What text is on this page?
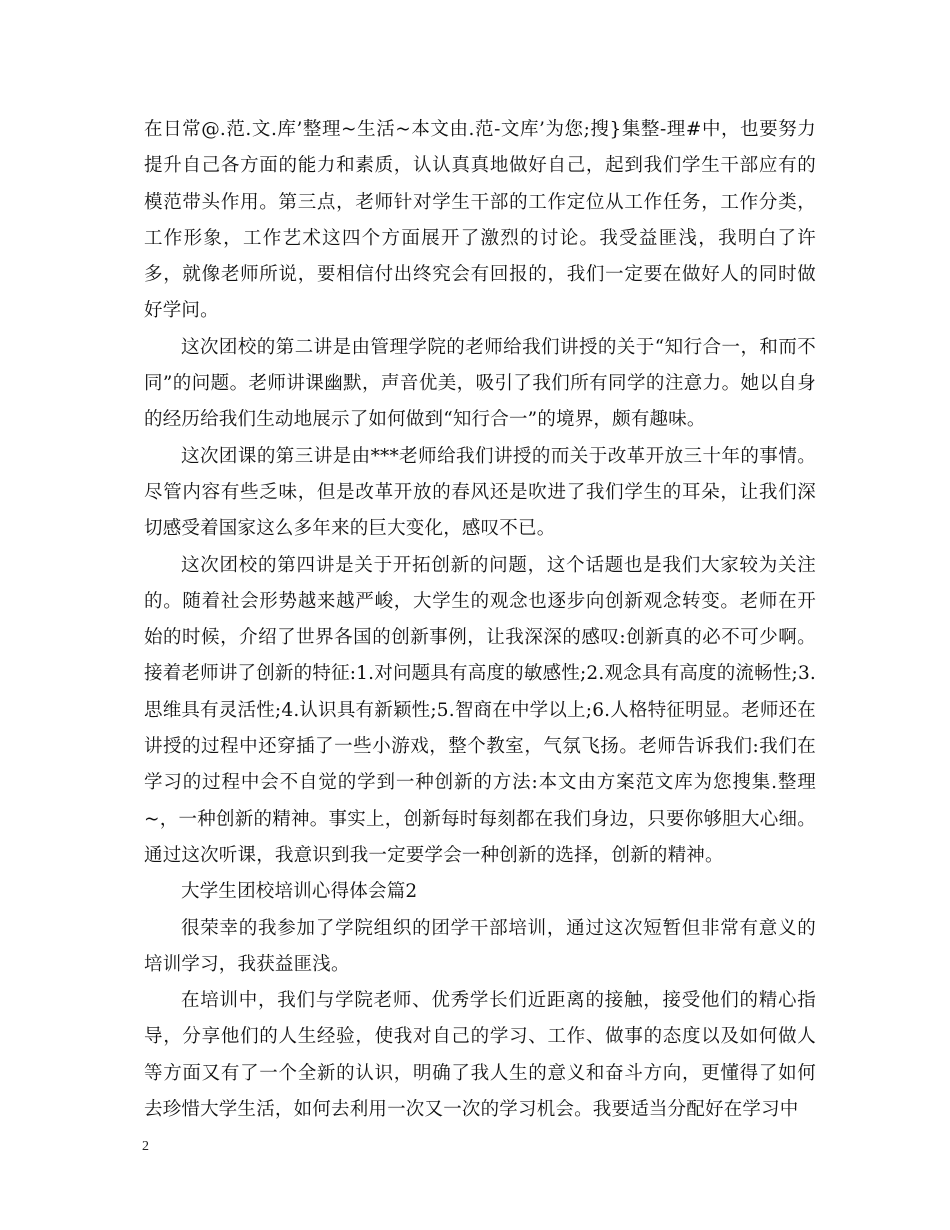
在日常@.范.文.库’整理~生活~本文由.范-文库’为您;搜}集整-理#中，也要努力提升自己各方面的能力和素质，认认真真地做好自己，起到我们学生干部应有的模范带头作用。第三点，老师针对学生干部的工作定位从工作任务，工作分类，工作形象，工作艺术这四个方面展开了激烈的讨论。我受益匪浅，我明白了许多，就像老师所说，要相信付出终究会有回报的，我们一定要在做好人的同时做好学问。

这次团校的第二讲是由管理学院的老师给我们讲授的关于“知行合一，和而不同”的问题。老师讲课幽默，声音优美，吸引了我们所有同学的注意力。她以自身的经历给我们生动地展示了如何做到“知行合一”的境界，颇有趣味。

这次团课的第三讲是由***老师给我们讲授的而关于改革开放三十年的事情。尽管内容有些乏味，但是改革开放的春风还是吹进了我们学生的耳朵，让我们深切感受着国家这么多年来的巨大变化，感叹不已。

这次团校的第四讲是关于开拓创新的问题，这个话题也是我们大家较为关注的。随着社会形势越来越严峻，大学生的观念也逐步向创新观念转变。老师在开始的时候，介绍了世界各国的创新事例，让我深深的感叹:创新真的必不可少啊。接着老师讲了创新的特征:1.对问题具有高度的敏感性;2.观念具有高度的流畅性;3.思维具有灵活性;4.认识具有新颖性;5.智商在中学以上;6.人格特征明显。老师还在讲授的过程中还穿插了一些小游戏，整个教室，气氛飞扬。老师告诉我们:我们在学习的过程中会不自觉的学到一种创新的方法:本文由方案范文库为您搜集.整理~，一种创新的精神。事实上，创新每时每刻都在我们身边，只要你够胆大心细。通过这次听课，我意识到我一定要学会一种创新的选择，创新的精神。

大学生团校培训心得体会篇2

很荣幸的我参加了学院组织的团学干部培训，通过这次短暂但非常有意义的培训学习，我获益匪浅。

在培训中，我们与学院老师、优秀学长们近距离的接触，接受他们的精心指导，分享他们的人生经验，使我对自己的学习、工作、做事的态度以及如何做人等方面又有了一个全新的认识，明确了我人生的意义和奋斗方向，更懂得了如何去珍惜大学生活，如何去利用一次又一次的学习机会。我要适当分配好在学习中

2
